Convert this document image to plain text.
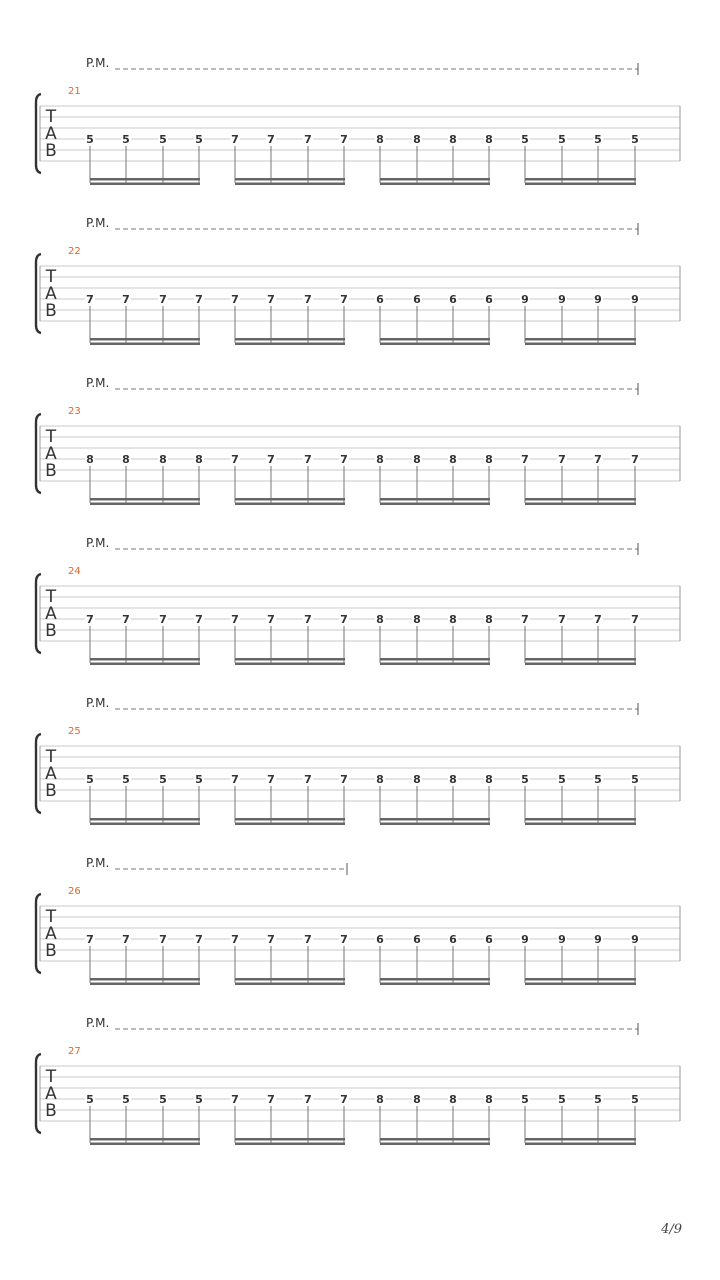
P.M.
21
T
A
B
5	5	5	5	7	7	7	7	8	8	8	8	5	5	5	5
P.M.
22
T
A
B
7	7	7	7	7	7	7	7	6	6	6	6	9	9	9	9
P.M.
23
T
A
B
8	8	8	8	7	7	7	7	8	8	8	8	7	7	7	7
P.M.
24
T
A
B
7	7	7	7	7	7	7	7	8	8	8	8	7	7	7	7
P.M.
25
T
A
B
5	5	5	5	7	7	7	7	8	8	8	8	5	5	5	5
P.M.
26
T
A
B
7	7	7	7	7	7	7	7	6	6	6	6	9	9	9	9
P.M.
27
T
A
B
5	5	5	5	7	7	7	7	8	8	8	8	5	5	5	5
4/9
